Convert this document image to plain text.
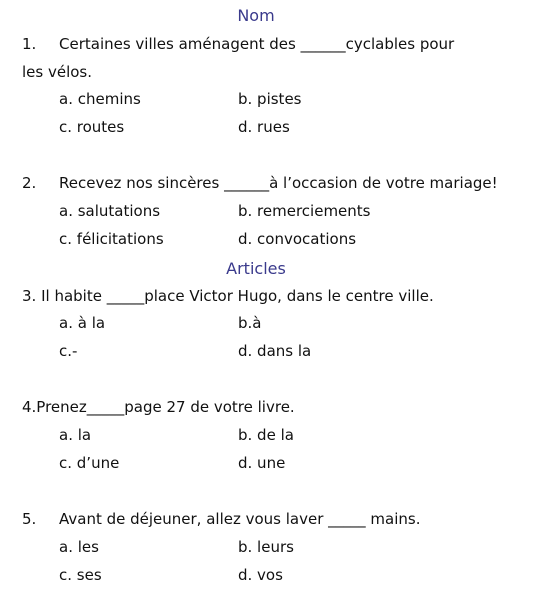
Nom
1. Certaines villes aménagent des ______cyclables pour
les vélos.
a. chemins	b. pistes
c. routes	d. rues
2. Recevez nos sincères ______à l’occasion de votre mariage!
a. salutations	b. remerciements
c. félicitations	d. convocations
Articles
3. Il habite _____place Victor Hugo, dans le centre ville.
a. à la	b.à
c.-	d. dans la
4.Prenez_____page 27 de votre livre.
a. la	b. de la
c. d’une	d. une
5. Avant de déjeuner, allez vous laver _____ mains.
a. les	b. leurs
c. ses	d. vos
